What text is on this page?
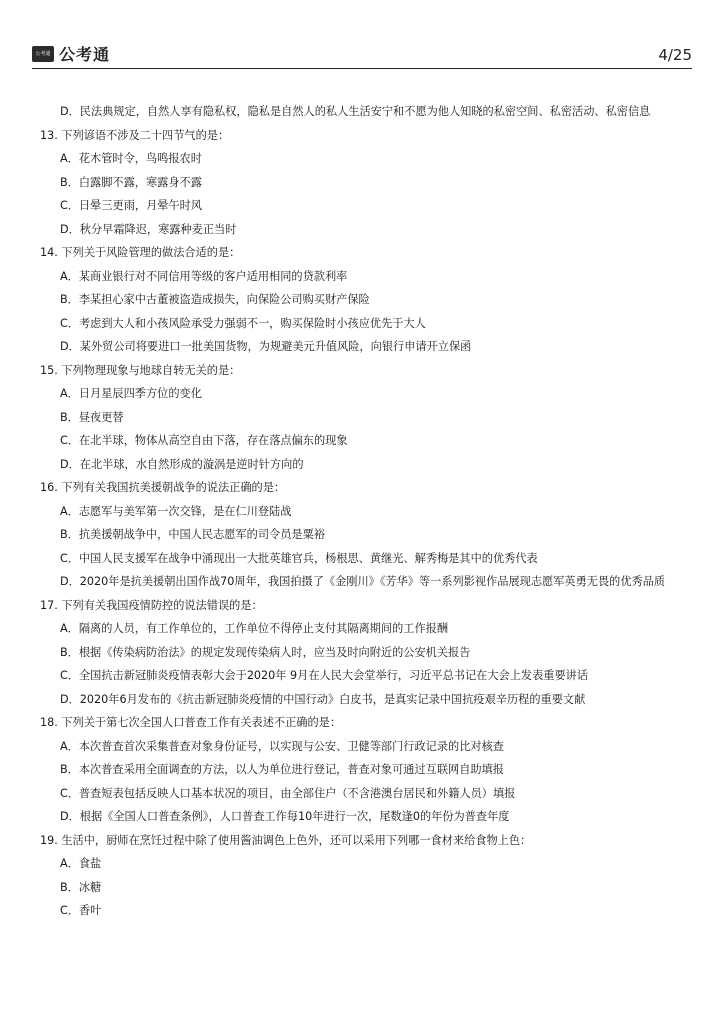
公考通 公考通	4/25
D．民法典规定，自然人享有隐私权，隐私是自然人的私人生活安宁和不愿为他人知晓的私密空间、私密活动、私密信息
13. 下列谚语不涉及二十四节气的是：
A．花木管时令，鸟鸣报农时
B．白露脚不露，寒露身不露
C．日晕三更雨，月晕午时风
D．秋分早霜降迟，寒露种麦正当时
14. 下列关于风险管理的做法合适的是：
A．某商业银行对不同信用等级的客户适用相同的贷款利率
B．李某担心家中古董被盗造成损失，向保险公司购买财产保险
C．考虑到大人和小孩风险承受力强弱不一，购买保险时小孩应优先于大人
D．某外贸公司将要进口一批美国货物，为规避美元升值风险，向银行申请开立保函
15. 下列物理现象与地球自转无关的是：
A．日月星辰四季方位的变化
B．昼夜更替
C．在北半球，物体从高空自由下落，存在落点偏东的现象
D．在北半球，水自然形成的漩涡是逆时针方向的
16. 下列有关我国抗美援朝战争的说法正确的是：
A．志愿军与美军第一次交锋，是在仁川登陆战
B．抗美援朝战争中，中国人民志愿军的司令员是粟裕
C．中国人民支援军在战争中涌现出一大批英雄官兵，杨根思、黄继光、解秀梅是其中的优秀代表
D．2020年是抗美援朝出国作战70周年，我国拍摄了《金刚川》《芳华》等一系列影视作品展现志愿军英勇无畏的优秀品质
17. 下列有关我国疫情防控的说法错误的是：
A．隔离的人员，有工作单位的，工作单位不得停止支付其隔离期间的工作报酬
B．根据《传染病防治法》的规定发现传染病人时，应当及时向附近的公安机关报告
C．全国抗击新冠肺炎疫情表彰大会于2020年 9月在人民大会堂举行，习近平总书记在大会上发表重要讲话
D．2020年6月发布的《抗击新冠肺炎疫情的中国行动》白皮书，是真实记录中国抗疫艰辛历程的重要文献
18. 下列关于第七次全国人口普查工作有关表述不正确的是：
A．本次普查首次采集普查对象身份证号，以实现与公安、卫健等部门行政记录的比对核查
B．本次普查采用全面调查的方法，以人为单位进行登记，普查对象可通过互联网自助填报
C．普查短表包括反映人口基本状况的项目，由全部住户（不含港澳台居民和外籍人员）填报
D．根据《全国人口普查条例》，人口普查工作每10年进行一次，尾数逢0的年份为普查年度
19. 生活中，厨师在烹饪过程中除了使用酱油调色上色外，还可以采用下列哪一食材来给食物上色：
A．食盐
B．冰糖
C．香叶
